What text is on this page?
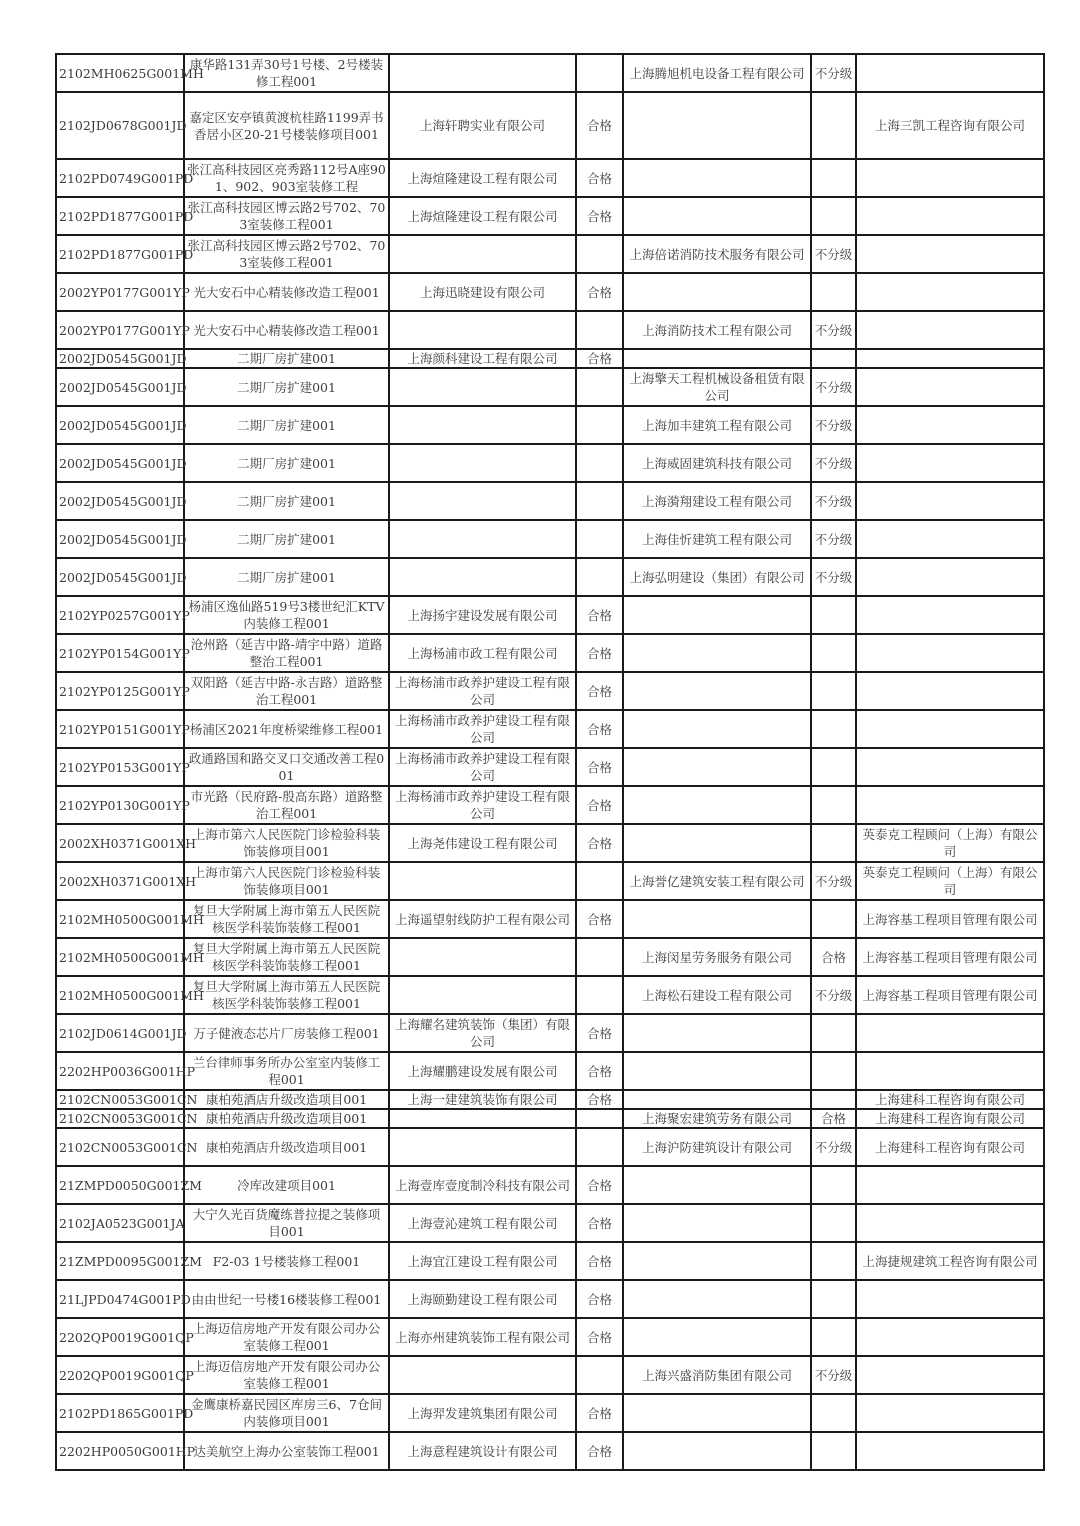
2102MH0625G001MH	康华路131弄30号1号楼、2号楼装修工程001			上海腾旭机电设备工程有限公司	不分级	
2102JD0678G001JD	嘉定区安亭镇黄渡杭桂路1199弄书香居小区20-21号楼装修项目001	上海轩聘实业有限公司	合格			上海三凯工程咨询有限公司
2102PD0749G001PD	张江高科技园区亮秀路112号A座901、902、903室装修工程	上海煊隆建设工程有限公司	合格			
2102PD1877G001PD	张江高科技园区博云路2号702、703室装修工程001	上海煊隆建设工程有限公司	合格			
2102PD1877G001PD	张江高科技园区博云路2号702、703室装修工程001			上海倍诺消防技术服务有限公司	不分级	
2002YP0177G001YP	光大安石中心精装修改造工程001	上海迅晓建设有限公司	合格			
2002YP0177G001YP	光大安石中心精装修改造工程001			上海消防技术工程有限公司	不分级	
2002JD0545G001JD	二期厂房扩建001	上海颜科建设工程有限公司	合格			
2002JD0545G001JD	二期厂房扩建001			上海擎天工程机械设备租赁有限公司	不分级	
2002JD0545G001JD	二期厂房扩建001			上海加丰建筑工程有限公司	不分级	
2002JD0545G001JD	二期厂房扩建001			上海威固建筑科技有限公司	不分级	
2002JD0545G001JD	二期厂房扩建001			上海漪翔建设工程有限公司	不分级	
2002JD0545G001JD	二期厂房扩建001			上海佳忻建筑工程有限公司	不分级	
2002JD0545G001JD	二期厂房扩建001			上海弘明建设（集团）有限公司	不分级	
2102YP0257G001YP	杨浦区逸仙路519号3楼世纪汇KTV内装修工程001	上海扬宇建设发展有限公司	合格			
2102YP0154G001YP	沧州路（延吉中路-靖宇中路）道路整治工程001	上海杨浦市政工程有限公司	合格			
2102YP0125G001YP	双阳路（延吉中路-永吉路）道路整治工程001	上海杨浦市政养护建设工程有限公司	合格			
2102YP0151G001YP	杨浦区2021年度桥梁维修工程001	上海杨浦市政养护建设工程有限公司	合格			
2102YP0153G001YP	政通路国和路交叉口交通改善工程001	上海杨浦市政养护建设工程有限公司	合格			
2102YP0130G001YP	市光路（民府路-殷高东路）道路整治工程001	上海杨浦市政养护建设工程有限公司	合格			
2002XH0371G001XH	上海市第六人民医院门诊检验科装饰装修项目001	上海尧伟建设工程有限公司	合格			英泰克工程顾问（上海）有限公司
2002XH0371G001XH	上海市第六人民医院门诊检验科装饰装修项目001			上海誉亿建筑安装工程有限公司	不分级	英泰克工程顾问（上海）有限公司
2102MH0500G001MH	复旦大学附属上海市第五人民医院核医学科装饰装修工程001	上海遥望射线防护工程有限公司	合格			上海容基工程项目管理有限公司
2102MH0500G001MH	复旦大学附属上海市第五人民医院核医学科装饰装修工程001			上海闵星劳务服务有限公司	合格	上海容基工程项目管理有限公司
2102MH0500G001MH	复旦大学附属上海市第五人民医院核医学科装饰装修工程001			上海松石建设工程有限公司	不分级	上海容基工程项目管理有限公司
2102JD0614G001JD	万子健液态芯片厂房装修工程001	上海耀名建筑装饰（集团）有限公司	合格			
2202HP0036G001HP	兰台律师事务所办公室室内装修工程001	上海耀鹏建设发展有限公司	合格			
2102CN0053G001CN	康柏苑酒店升级改造项目001	上海一建建筑装饰有限公司	合格			上海建科工程咨询有限公司
2102CN0053G001CN	康柏苑酒店升级改造项目001			上海聚宏建筑劳务有限公司	合格	上海建科工程咨询有限公司
2102CN0053G001CN	康柏苑酒店升级改造项目001			上海沪防建筑设计有限公司	不分级	上海建科工程咨询有限公司
21ZMPD0050G001ZM	冷库改建项目001	上海壹库壹度制冷科技有限公司	合格			
2102JA0523G001JA	大宁久光百货魔练普拉提之装修项目001	上海壹沁建筑工程有限公司	合格			
21ZMPD0095G001ZM	F2-03 1号楼装修工程001	上海宜江建设工程有限公司	合格			上海捷规建筑工程咨询有限公司
21LJPD0474G001PD	由由世纪一号楼16楼装修工程001	上海颐勤建设工程有限公司	合格			
2202QP0019G001QP	上海迈信房地产开发有限公司办公室装修工程001	上海亦州建筑装饰工程有限公司	合格			
2202QP0019G001QP	上海迈信房地产开发有限公司办公室装修工程001			上海兴盛消防集团有限公司	不分级	
2102PD1865G001PD	金鹰康桥嘉民园区库房三6、7仓间内装修项目001	上海羿发建筑集团有限公司	合格			
2202HP0050G001HP	达美航空上海办公室装饰工程001	上海意程建筑设计有限公司	合格			
